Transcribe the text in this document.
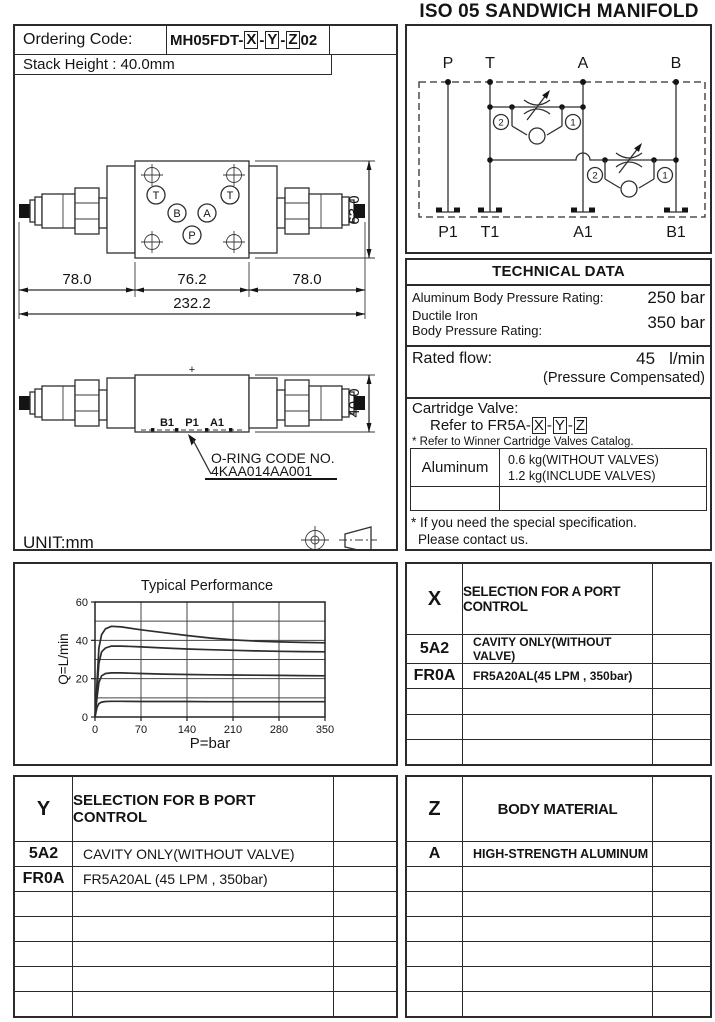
ISO 05 SANDWICH MANIFOLD
Ordering Code:	MH05FDT- X - Y - Z 02
Stack Height : 40.0mm
T	T
B A
P
78.0	76.2	78.0
232.2
63.0
+
B1 P1 A1
40.0
O-RING CODE NO.
4KAA014AA001
UNIT:mm
P T	A	B
2	1
2	1
P1 T1	A1	B1
TECHNICAL DATA
Aluminum Body Pressure Rating:	250 bar
Ductile Iron
Body Pressure Rating:	350 bar
Rated flow:	45 l/min
(Pressure Compensated)
Cartridge Valve:
Refer to FR5A- X - Y - Z
* Refer to Winner Cartridge Valves Catalog.
Aluminum	0.6 kg(WITHOUT VALVES)
1.2 kg(INCLUDE VALVES)
* If you need the special specification.
Please contact us.
Typical Performance
Q=L/min
P=bar
0	70	140	210	280	350
0
20
40
60	X	SELECTION FOR A PORT CONTROL
5A2	CAVITY ONLY(WITHOUT VALVE)
FR0A	FR5A20AL(45 LPM , 350bar)
Y	SELECTION FOR B PORT CONTROL
5A2	CAVITY ONLY(WITHOUT VALVE)
FR0A	FR5A20AL (45 LPM , 350bar)
Z	BODY MATERIAL
A	HIGH-STRENGTH ALUMINUM
